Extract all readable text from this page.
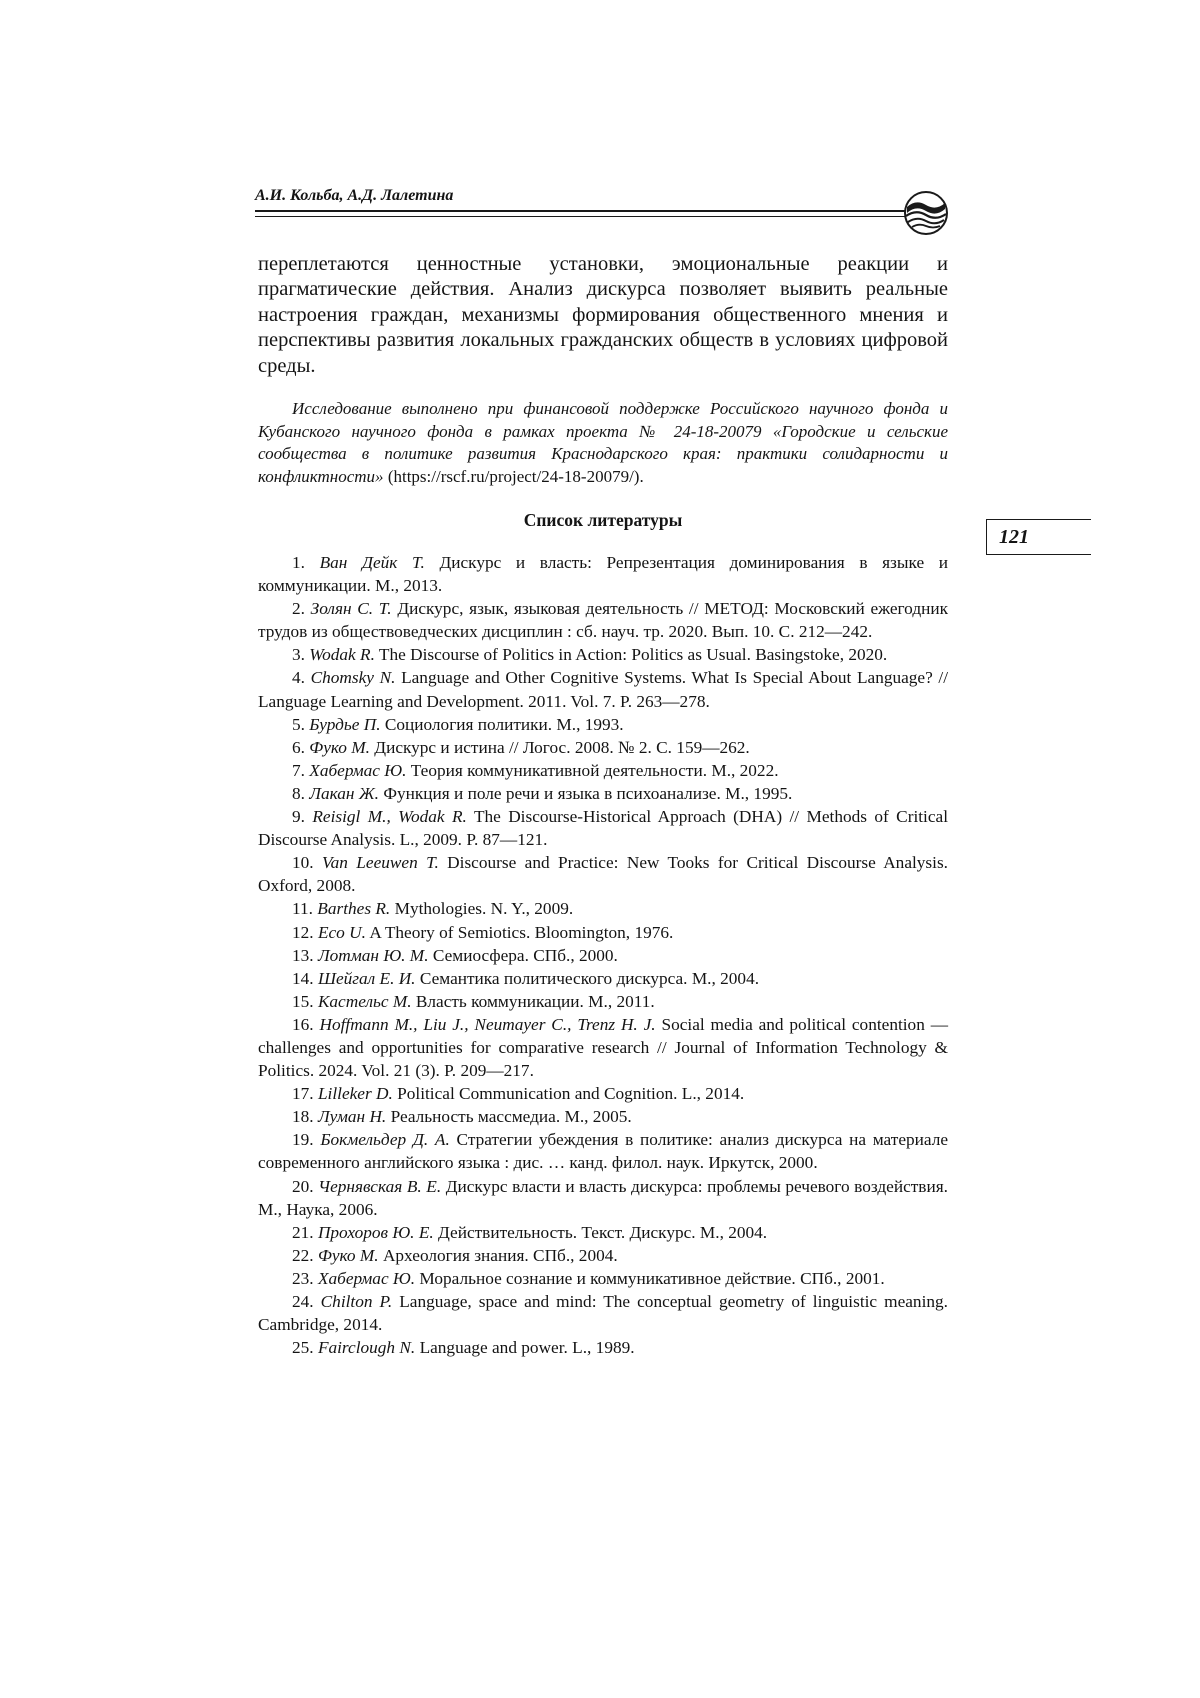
А.И. Кольба, А.Д. Лалетина

переплетаются ценностные установки, эмоциональные реакции и прагматические действия. Анализ дискурса позволяет выявить реальные настроения граждан, механизмы формирования общественного мнения и перспективы развития локальных гражданских обществ в условиях цифровой среды.

Исследование выполнено при финансовой поддержке Российского научного фонда и Кубанского научного фонда в рамках проекта № 24-18-20079 «Городские и сельские сообщества в политике развития Краснодарского края: практики солидарности и конфликтности» (https://rscf.ru/project/24-18-20079/).

Список литературы

121
1. Ван Дейк Т. Дискурс и власть: Репрезентация доминирования в языке и коммуникации. М., 2013.
2. Золян С. Т. Дискурс, язык, языковая деятельность // МЕТОД: Московский ежегодник трудов из обществоведческих дисциплин : сб. науч. тр. 2020. Вып. 10. С. 212—242.
3. Wodak R. The Discourse of Politics in Action: Politics as Usual. Basingstoke, 2020.
4. Chomsky N. Language and Other Cognitive Systems. What Is Special About Language? // Language Learning and Development. 2011. Vol. 7. P. 263—278.
5. Бурдье П. Социология политики. М., 1993.
6. Фуко М. Дискурс и истина // Логос. 2008. № 2. С. 159—262.
7. Хабермас Ю. Теория коммуникативной деятельности. М., 2022.
8. Лакан Ж. Функция и поле речи и языка в психоанализе. М., 1995.
9. Reisigl M., Wodak R. The Discourse-Historical Approach (DHA) // Methods of Critical Discourse Analysis. L., 2009. P. 87—121.
10. Van Leeuwen T. Discourse and Practice: New Tooks for Critical Discourse Analysis. Oxford, 2008.
11. Barthes R. Mythologies. N. Y., 2009.
12. Eco U. A Theory of Semiotics. Bloomington, 1976.
13. Лотман Ю. М. Семиосфера. СПб., 2000.
14. Шейгал Е. И. Семантика политического дискурса. М., 2004.
15. Кастельс М. Власть коммуникации. М., 2011.
16. Hoffmann M., Liu J., Neumayer C., Trenz H. J. Social media and political contention — challenges and opportunities for comparative research // Journal of Information Technology & Politics. 2024. Vol. 21 (3). P. 209—217.
17. Lilleker D. Political Communication and Cognition. L., 2014.
18. Луман Н. Реальность массмедиа. М., 2005.
19. Бокмельдер Д. А. Стратегии убеждения в политике: анализ дискурса на материале современного английского языка : дис. … канд. филол. наук. Иркутск, 2000.
20. Чернявская В. Е. Дискурс власти и власть дискурса: проблемы речевого воздействия. М., Наука, 2006.
21. Прохоров Ю. Е. Действительность. Текст. Дискурс. М., 2004.
22. Фуко М. Археология знания. СПб., 2004.
23. Хабермас Ю. Моральное сознание и коммуникативное действие. СПб., 2001.
24. Chilton P. Language, space and mind: The conceptual geometry of linguistic meaning. Cambridge, 2014.
25. Fairclough N. Language and power. L., 1989.
